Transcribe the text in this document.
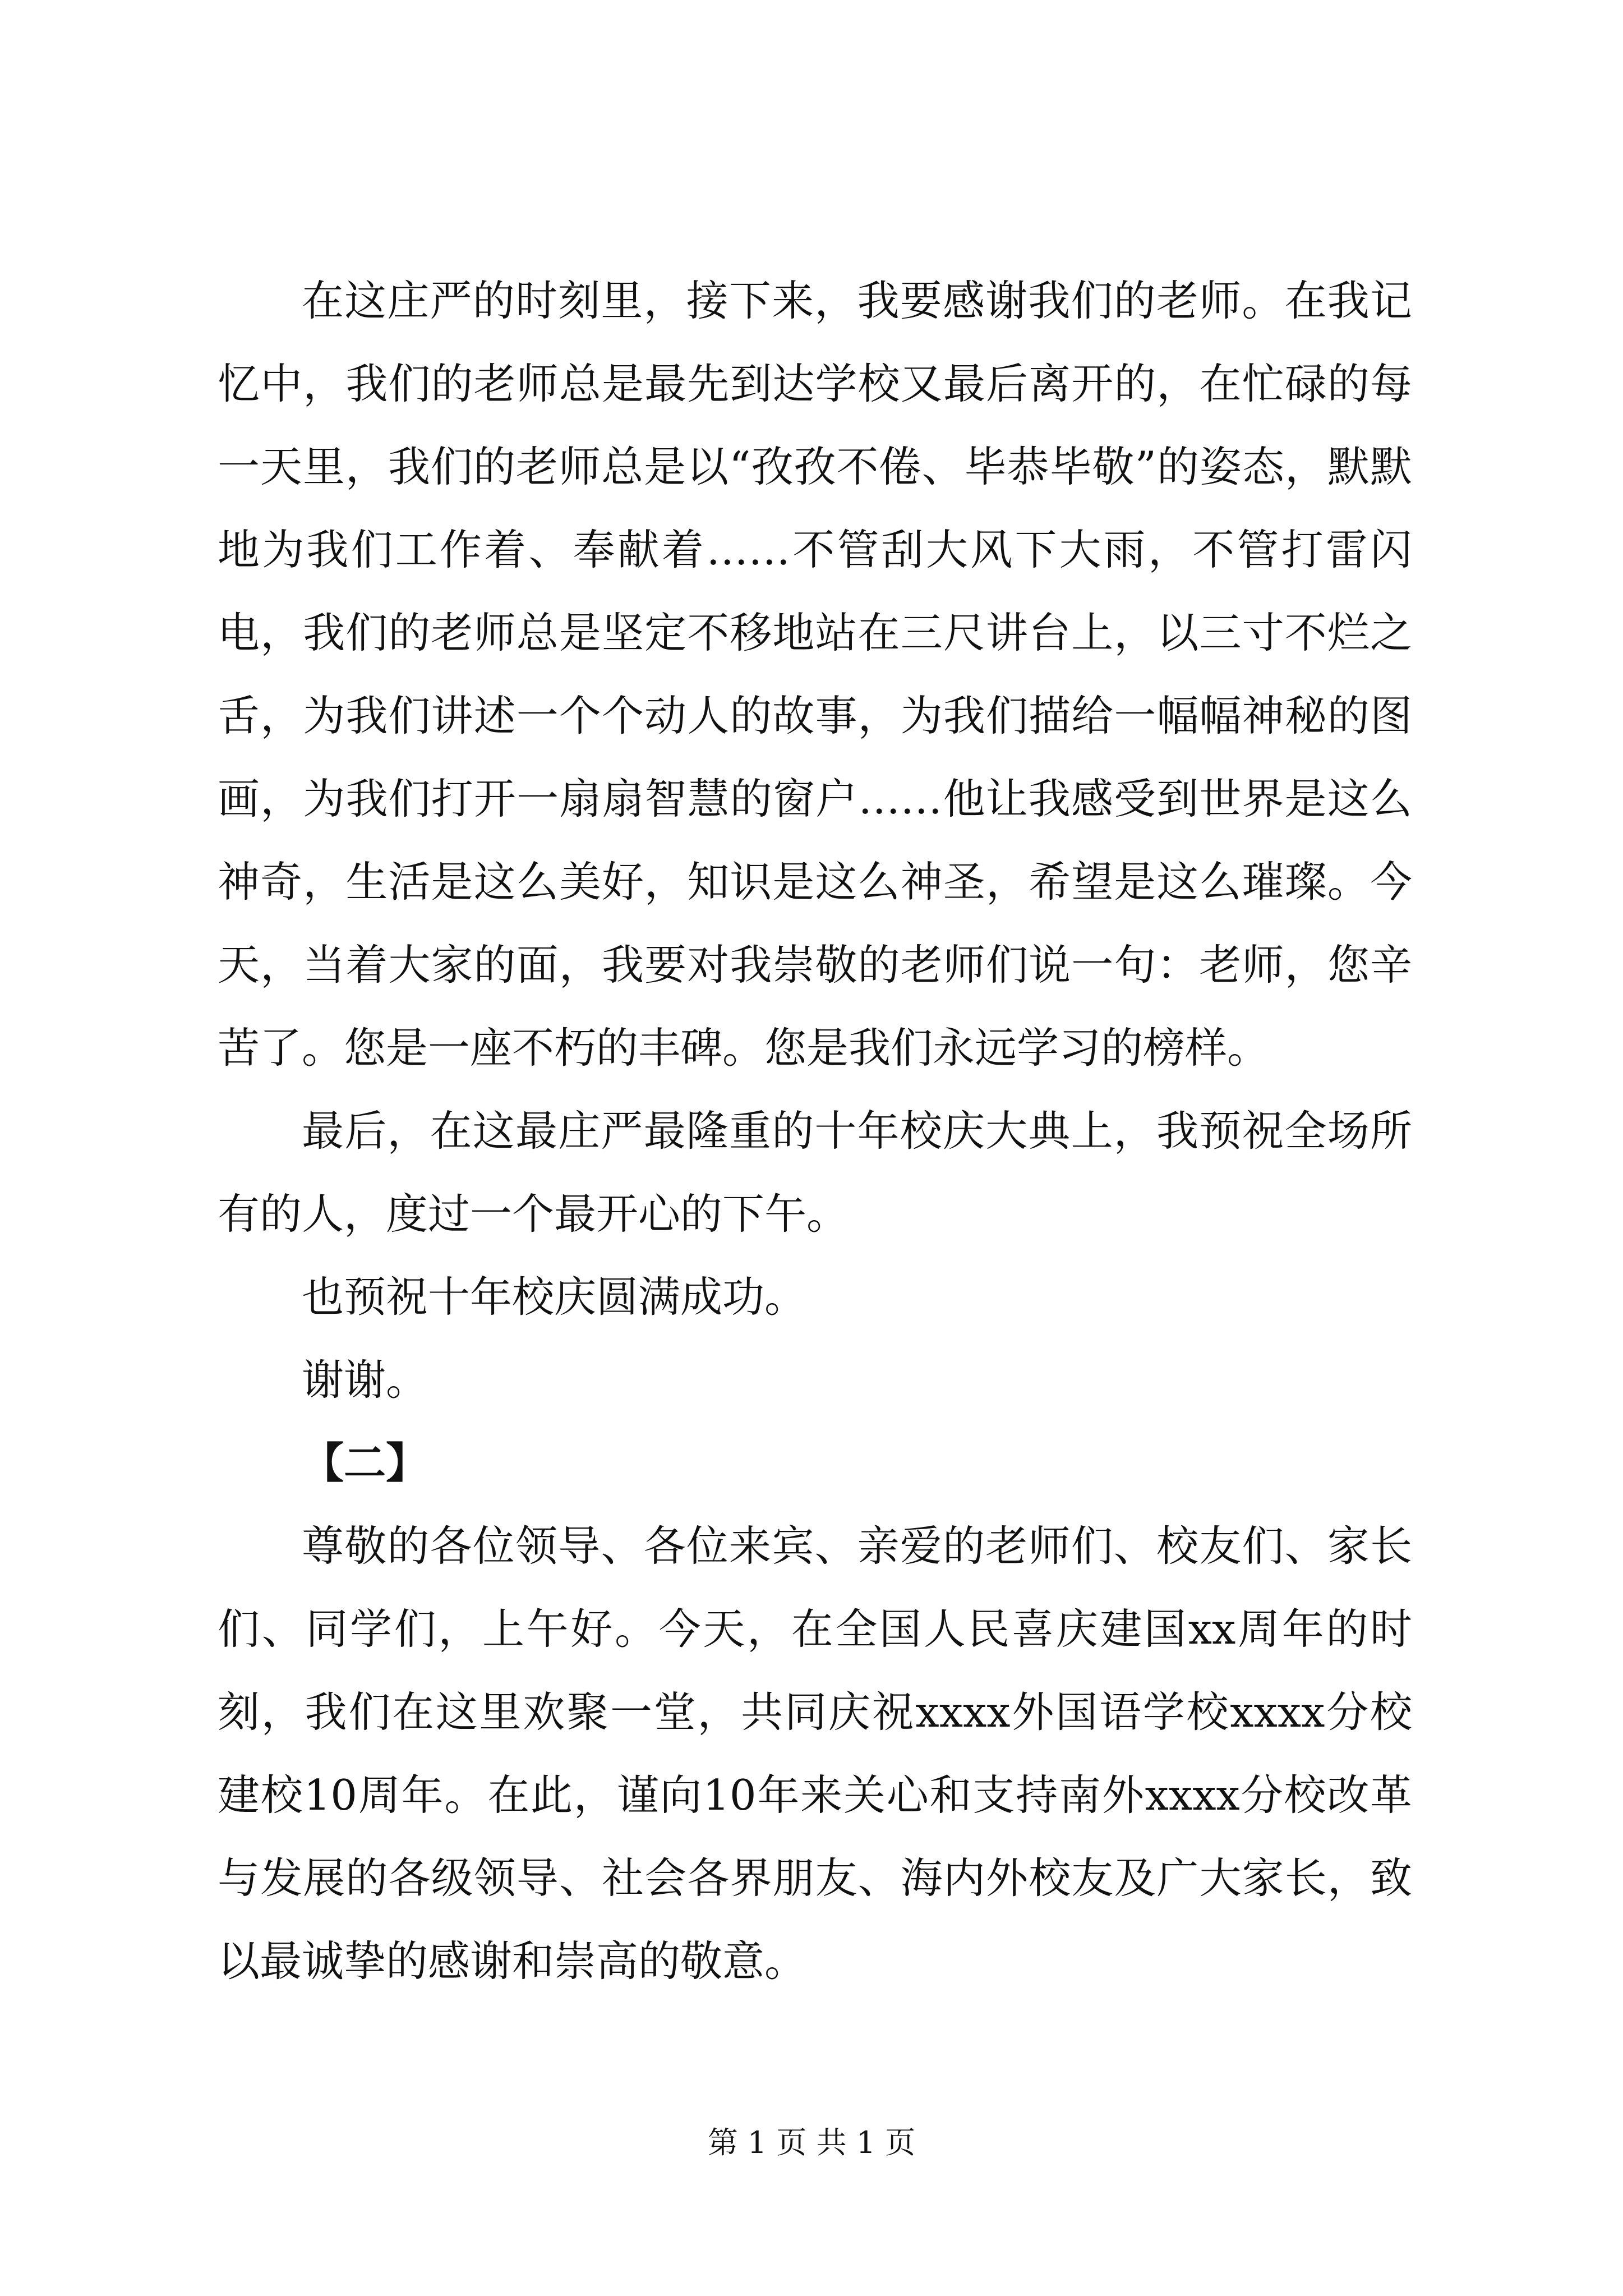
在这庄严的时刻里，接下来，我要感谢我们的老师。在我记忆中，我们的老师总是最先到达学校又最后离开的，在忙碌的每一天里，我们的老师总是以“孜孜不倦、毕恭毕敬”的姿态，默默地为我们工作着、奉献着……不管刮大风下大雨，不管打雷闪电，我们的老师总是坚定不移地站在三尺讲台上，以三寸不烂之舌，为我们讲述一个个动人的故事，为我们描给一幅幅神秘的图画，为我们打开一扇扇智慧的窗户……他让我感受到世界是这么神奇，生活是这么美好，知识是这么神圣，希望是这么璀璨。今天，当着大家的面，我要对我崇敬的老师们说一句：老师，您辛苦了。您是一座不朽的丰碑。您是我们永远学习的榜样。

最后，在这最庄严最隆重的十年校庆大典上，我预祝全场所有的人，度过一个最开心的下午。

也预祝十年校庆圆满成功。

谢谢。

【二】

尊敬的各位领导、各位来宾、亲爱的老师们、校友们、家长们、同学们，上午好。今天，在全国人民喜庆建国xx周年的时刻，我们在这里欢聚一堂，共同庆祝xxxx外国语学校xxxx分校建校10周年。在此，谨向10年来关心和支持南外xxxx分校改革与发展的各级领导、社会各界朋友、海内外校友及广大家长，致以最诚挚的感谢和崇高的敬意。

第 1 页 共 1 页
